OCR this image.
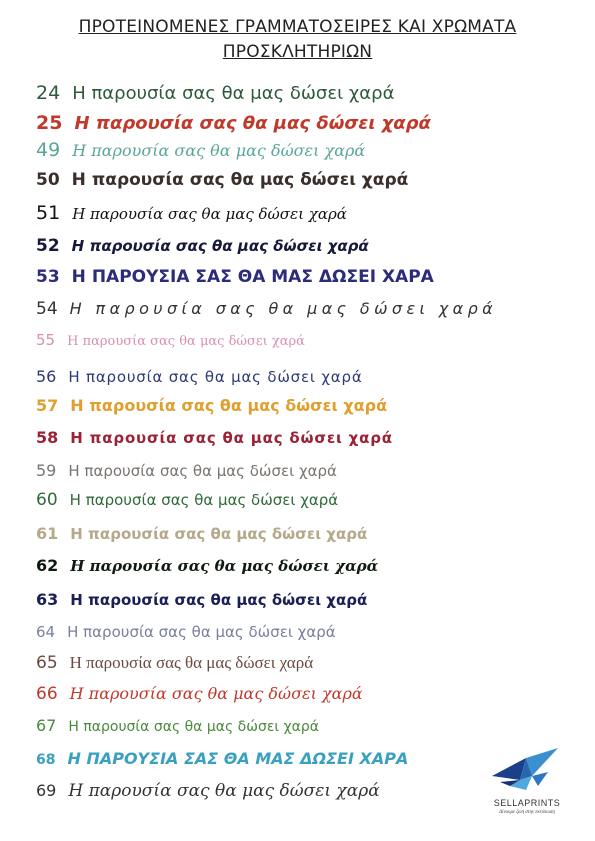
ΠΡΟΤΕΙΝΟΜΕΝΕΣ ΓΡΑΜΜΑΤΟΣΕΙΡΕΣ ΚΑΙ ΧΡΩΜΑΤΑ
ΠΡΟΣΚΛΗΤΗΡΙΩΝ
24 Η παρουσία σας θα μας δώσει χαρά
25 Η παρουσία σας θα μας δώσει χαρά
49 Η παρουσία σας θα μας δώσει χαρά
50 Η παρουσία σας θα μας δώσει χαρά
51 Η παρουσία σας θα μας δώσει χαρά
52 Η παρουσία σας θα μας δώσει χαρά
53 Η ΠΑΡΟΥΣΙΑ ΣΑΣ ΘΑ ΜΑΣ ΔΩΣΕΙ ΧΑΡΑ
54 Η παρουσία σας θα μας δώσει χαρά
55 Η παρουσία σας θα μας δώσει χαρά
56 Η παρουσία σας θα μας δώσει χαρά
57 Η παρουσία σας θα μας δώσει χαρά
58 Η παρουσία σας θα μας δώσει χαρά
59 Η παρουσία σας θα μας δώσει χαρά
60 Η παρουσία σας θα μας δώσει χαρά
61 Η παρουσία σας θα μας δώσει χαρά
62 Η παρουσία σας θα μας δώσει χαρά
63 Η παρουσία σας θα μας δώσει χαρά
64 Η παρουσία σας θα μας δώσει χαρά
65 Η παρουσία σας θα μας δώσει χαρά
66 Η παρουσία σας θα μας δώσει χαρά
67 Η παρουσία σας θα μας δώσει χαρά
68 Η ΠΑΡΟΥΣΙΑ ΣΑΣ ΘΑ ΜΑΣ ΔΩΣΕΙ ΧΑΡΑ
69 Η παρουσία σας θα μας δώσει χαρά
SELLAPRINTS
Δίνουμε ζωή στην εκτύπωση
